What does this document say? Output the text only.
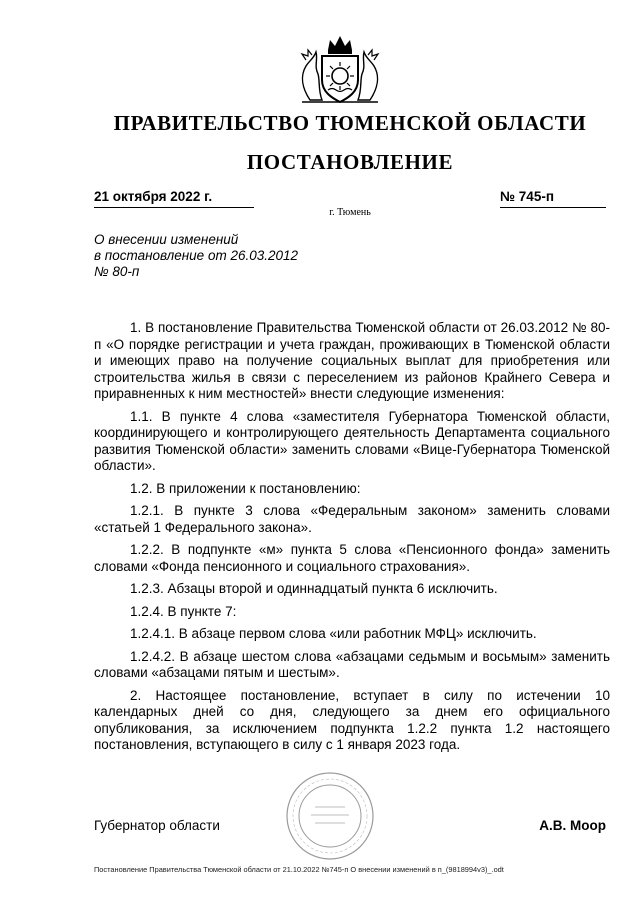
ПРАВИТЕЛЬСТВО ТЮМЕНСКОЙ ОБЛАСТИ
ПОСТАНОВЛЕНИЕ
21 октября 2022 г.	№ 745-п
г. Тюмень
О внесении изменений
в постановление от 26.03.2012
№ 80-п

1. В постановление Правительства Тюменской области от 26.03.2012 № 80-п «О порядке регистрации и учета граждан, проживающих в Тюменской области и имеющих право на получение социальных выплат для приобретения или строительства жилья в связи с переселением из районов Крайнего Севера и приравненных к ним местностей» внести следующие изменения:

1.1. В пункте 4 слова «заместителя Губернатора Тюменской области, координирующего и контролирующего деятельность Департамента социального развития Тюменской области» заменить словами «Вице-Губернатора Тюменской области».

1.2. В приложении к постановлению:

1.2.1. В пункте 3 слова «Федеральным законом» заменить словами «статьей 1 Федерального закона».

1.2.2. В подпункте «м» пункта 5 слова «Пенсионного фонда» заменить словами «Фонда пенсионного и социального страхования».

1.2.3. Абзацы второй и одиннадцатый пункта 6 исключить.

1.2.4. В пункте 7:

1.2.4.1. В абзаце первом слова «или работник МФЦ» исключить.

1.2.4.2. В абзаце шестом слова «абзацами седьмым и восьмым» заменить словами «абзацами пятым и шестым».

2. Настоящее постановление, вступает в силу по истечении 10 календарных дней со дня, следующего за днем его официального опубликования, за исключением подпункта 1.2.2 пункта 1.2 настоящего постановления, вступающего в силу с 1 января 2023 года.

Губернатор области	А.В. Моор
Постановление Правительства Тюменской области от 21.10.2022 №745-п О внесении изменений в п_(9818994v3)_.odt
